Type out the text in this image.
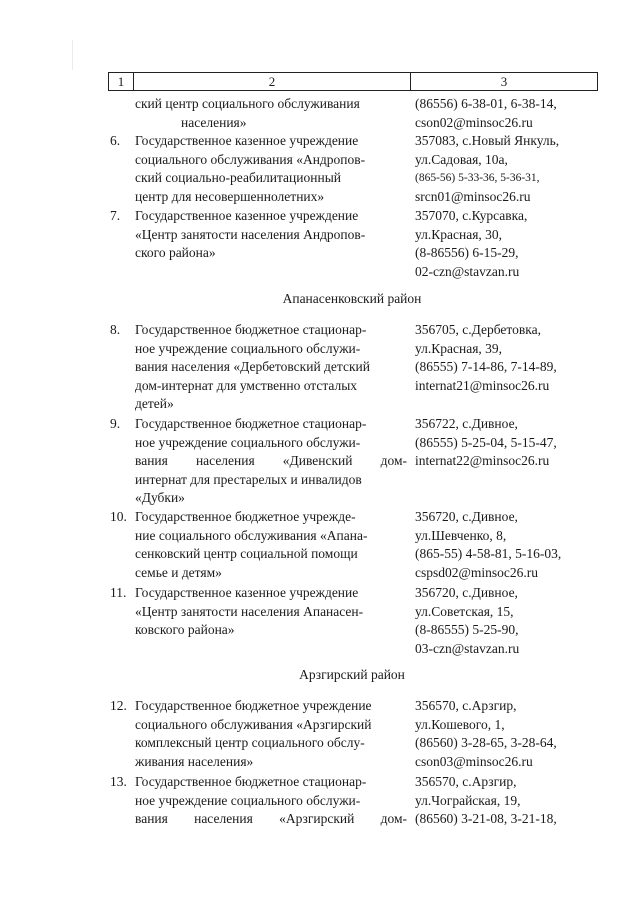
1	2	3
ский центр социального обслуживания
населения»
(86556) 6-38-01, 6-38-14,
cson02@minsoc26.ru
6. Государственное казенное учреждение
социального обслуживания «Андропов-
ский социально-реабилитационный
центр для несовершеннолетних»
357083, с.Новый Янкуль,
ул.Садовая, 10а,
(865-56) 5-33-36, 5-36-31,
srcn01@minsoc26.ru
7. Государственное казенное учреждение
«Центр занятости населения Андропов-
ского района»
357070, с.Курсавка,
ул.Красная, 30,
(8-86556) 6-15-29,
02-czn@stavzan.ru
Апанасенковский район
8. Государственное бюджетное стационар-
ное учреждение социального обслужи-
вания населения «Дербетовский детский
дом-интернат для умственно отсталых
детей»
356705, с.Дербетовка,
ул.Красная, 39,
(86555) 7-14-86, 7-14-89,
internat21@minsoc26.ru
9. Государственное бюджетное стационар-
ное учреждение социального обслужи-
вания населения «Дивенский дом-
интернат для престарелых и инвалидов
«Дубки»
356722, с.Дивное,
(86555) 5-25-04, 5-15-47,
internat22@minsoc26.ru
10. Государственное бюджетное учрежде-
ние социального обслуживания «Апана-
сенковский центр социальной помощи
семье и детям»
356720, с.Дивное,
ул.Шевченко, 8,
(865-55) 4-58-81, 5-16-03,
cspsd02@minsoc26.ru
11. Государственное казенное учреждение
«Центр занятости населения Апанасен-
ковского района»
356720, с.Дивное,
ул.Советская, 15,
(8-86555) 5-25-90,
03-czn@stavzan.ru
Арзгирский район
12. Государственное бюджетное учреждение
социального обслуживания «Арзгирский
комплексный центр социального обслу-
живания населения»
356570, с.Арзгир,
ул.Кошевого, 1,
(86560) 3-28-65, 3-28-64,
cson03@minsoc26.ru
13. Государственное бюджетное стационар-
ное учреждение социального обслужи-
вания населения «Арзгирский дом-
356570, с.Арзгир,
ул.Чограйская, 19,
(86560) 3-21-08, 3-21-18,
